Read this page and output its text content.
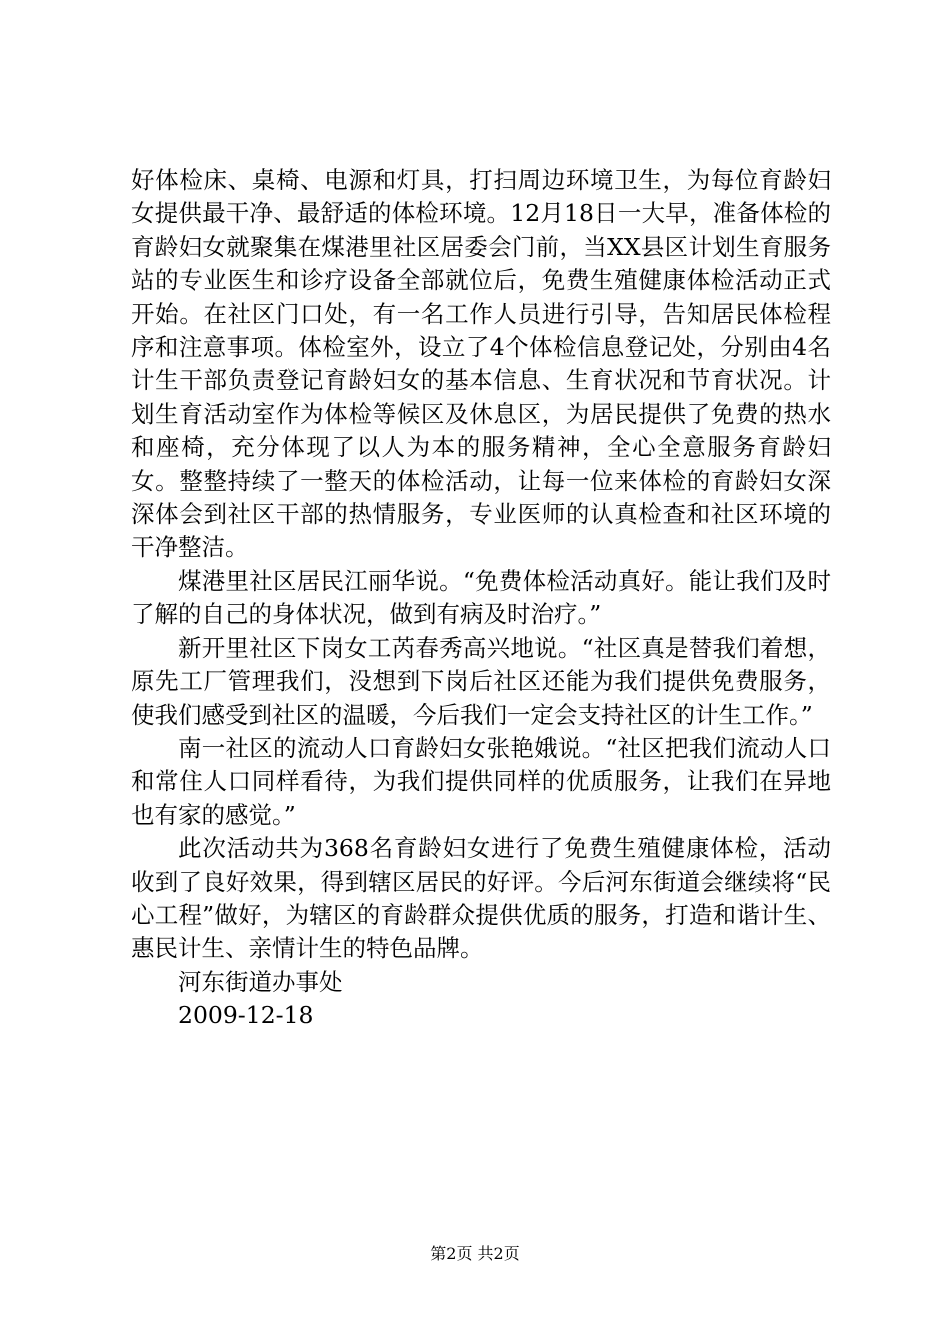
好体检床、桌椅、电源和灯具，打扫周边环境卫生，为每位育龄妇女提供最干净、最舒适的体检环境。12月18日一大早，准备体检的育龄妇女就聚集在煤港里社区居委会门前，当XX县区计划生育服务站的专业医生和诊疗设备全部就位后，免费生殖健康体检活动正式开始。在社区门口处，有一名工作人员进行引导，告知居民体检程序和注意事项。体检室外，设立了4个体检信息登记处，分别由4名计生干部负责登记育龄妇女的基本信息、生育状况和节育状况。计划生育活动室作为体检等候区及休息区，为居民提供了免费的热水和座椅，充分体现了以人为本的服务精神，全心全意服务育龄妇女。整整持续了一整天的体检活动，让每一位来体检的育龄妇女深深体会到社区干部的热情服务，专业医师的认真检查和社区环境的干净整洁。

煤港里社区居民江丽华说。“免费体检活动真好。能让我们及时了解的自己的身体状况，做到有病及时治疗。”

新开里社区下岗女工芮春秀高兴地说。“社区真是替我们着想，原先工厂管理我们，没想到下岗后社区还能为我们提供免费服务，使我们感受到社区的温暖，今后我们一定会支持社区的计生工作。”

南一社区的流动人口育龄妇女张艳娥说。“社区把我们流动人口和常住人口同样看待，为我们提供同样的优质服务，让我们在异地也有家的感觉。”

此次活动共为368名育龄妇女进行了免费生殖健康体检，活动收到了良好效果，得到辖区居民的好评。今后河东街道会继续将“民心工程”做好，为辖区的育龄群众提供优质的服务，打造和谐计生、惠民计生、亲情计生的特色品牌。

河东街道办事处

2009-12-18

第2页 共2页
